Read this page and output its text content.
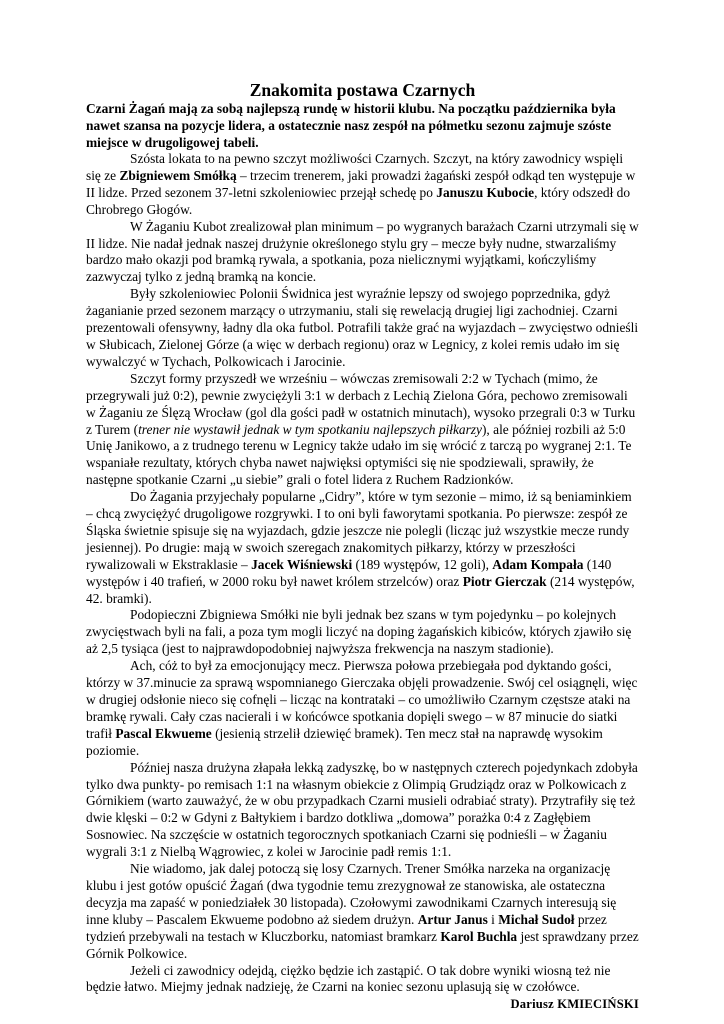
Znakomita postawa Czarnych

Czarni Żagań mają za sobą najlepszą rundę w historii klubu. Na początku października była nawet szansa na pozycje lidera, a ostatecznie nasz zespół na półmetku sezonu zajmuje szóste miejsce w drugoligowej tabeli.

Szósta lokata to na pewno szczyt możliwości Czarnych. Szczyt, na który zawodnicy wspięli się ze Zbigniewem Smółką – trzecim trenerem, jaki prowadzi żagański zespół odkąd ten występuje w II lidze. Przed sezonem 37-letni szkoleniowiec przejął schedę po Januszu Kubocie, który odszedł do Chrobrego Głogów.

W Żaganiu Kubot zrealizował plan minimum – po wygranych barażach Czarni utrzymali się w II lidze. Nie nadał jednak naszej drużynie określonego stylu gry – mecze były nudne, stwarzaliśmy bardzo mało okazji pod bramką rywala, a spotkania, poza nielicznymi wyjątkami, kończyliśmy zazwyczaj tylko z jedną bramką na koncie.

Były szkoleniowiec Polonii Świdnica jest wyraźnie lepszy od swojego poprzednika, gdyż żaganianie przed sezonem marzący o utrzymaniu, stali się rewelacją drugiej ligi zachodniej. Czarni prezentowali ofensywny, ładny dla oka futbol. Potrafili także grać na wyjazdach – zwycięstwo odnieśli w Słubicach, Zielonej Górze (a więc w derbach regionu) oraz w Legnicy, z kolei remis udało im się wywalczyć w Tychach, Polkowicach i Jarocinie.

Szczyt formy przyszedł we wrześniu – wówczas zremisowali 2:2 w Tychach (mimo, że przegrywali już 0:2), pewnie zwyciężyli 3:1 w derbach z Lechią Zielona Góra, pechowo zremisowali w Żaganiu ze Ślęzą Wrocław (gol dla gości padł w ostatnich minutach), wysoko przegrali 0:3 w Turku z Turem (trener nie wystawił jednak w tym spotkaniu najlepszych piłkarzy), ale później rozbili aż 5:0 Unię Janikowo, a z trudnego terenu w Legnicy także udało im się wrócić z tarczą po wygranej 2:1. Te wspaniałe rezultaty, których chyba nawet najwięksi optymiści się nie spodziewali, sprawiły, że następne spotkanie Czarni „u siebie” grali o fotel lidera z Ruchem Radzionków.

Do Żagania przyjechały popularne „Cidry”, które w tym sezonie – mimo, iż są beniaminkiem – chcą zwyciężyć drugoligowe rozgrywki. I to oni byli faworytami spotkania. Po pierwsze: zespół ze Śląska świetnie spisuje się na wyjazdach, gdzie jeszcze nie polegli (licząc już wszystkie mecze rundy jesiennej). Po drugie: mają w swoich szeregach znakomitych piłkarzy, którzy w przeszłości rywalizowali w Ekstraklasie – Jacek Wiśniewski (189 występów, 12 goli), Adam Kompała (140 występów i 40 trafień, w 2000 roku był nawet królem strzelców) oraz Piotr Gierczak (214 występów, 42. bramki).

Podopieczni Zbigniewa Smółki nie byli jednak bez szans w tym pojedynku – po kolejnych zwycięstwach byli na fali, a poza tym mogli liczyć na doping żagańskich kibiców, których zjawiło się aż 2,5 tysiąca (jest to najprawdopodobniej najwyższa frekwencja na naszym stadionie).

Ach, cóż to był za emocjonujący mecz. Pierwsza połowa przebiegała pod dyktando gości, którzy w 37.minucie za sprawą wspomnianego Gierczaka objęli prowadzenie. Swój cel osiągnęli, więc w drugiej odsłonie nieco się cofnęli – licząc na kontrataki – co umożliwiło Czarnym częstsze ataki na bramkę rywali. Cały czas nacierali i w końcówce spotkania dopięli swego – w 87 minucie do siatki trafił Pascal Ekwueme (jesienią strzelił dziewięć bramek). Ten mecz stał na naprawdę wysokim poziomie.

Później nasza drużyna złapała lekką zadyszkę, bo w następnych czterech pojedynkach zdobyła tylko dwa punkty- po remisach 1:1 na własnym obiekcie z Olimpią Grudziądz oraz w Polkowicach z Górnikiem (warto zauważyć, że w obu przypadkach Czarni musieli odrabiać straty). Przytrafiły się też dwie klęski – 0:2 w Gdyni z Bałtykiem i bardzo dotkliwa „domowa” porażka 0:4 z Zagłębiem Sosnowiec. Na szczęście w ostatnich tegorocznych spotkaniach Czarni się podnieśli – w Żaganiu wygrali 3:1 z Nielbą Wągrowiec, z kolei w Jarocinie padł remis 1:1.

Nie wiadomo, jak dalej potoczą się losy Czarnych. Trener Smółka narzeka na organizację klubu i jest gotów opuścić Żagań (dwa tygodnie temu zrezygnował ze stanowiska, ale ostateczna decyzja ma zapaść w poniedziałek 30 listopada). Czołowymi zawodnikami Czarnych interesują się inne kluby – Pascalem Ekwueme podobno aż siedem drużyn. Artur Janus i Michał Sudoł przez tydzień przebywali na testach w Kluczborku, natomiast bramkarz Karol Buchla jest sprawdzany przez Górnik Polkowice.

Jeżeli ci zawodnicy odejdą, ciężko będzie ich zastąpić. O tak dobre wyniki wiosną też nie będzie łatwo. Miejmy jednak nadzieję, że Czarni na koniec sezonu uplasują się w czołówce.

Dariusz KMIECIŃSKI
